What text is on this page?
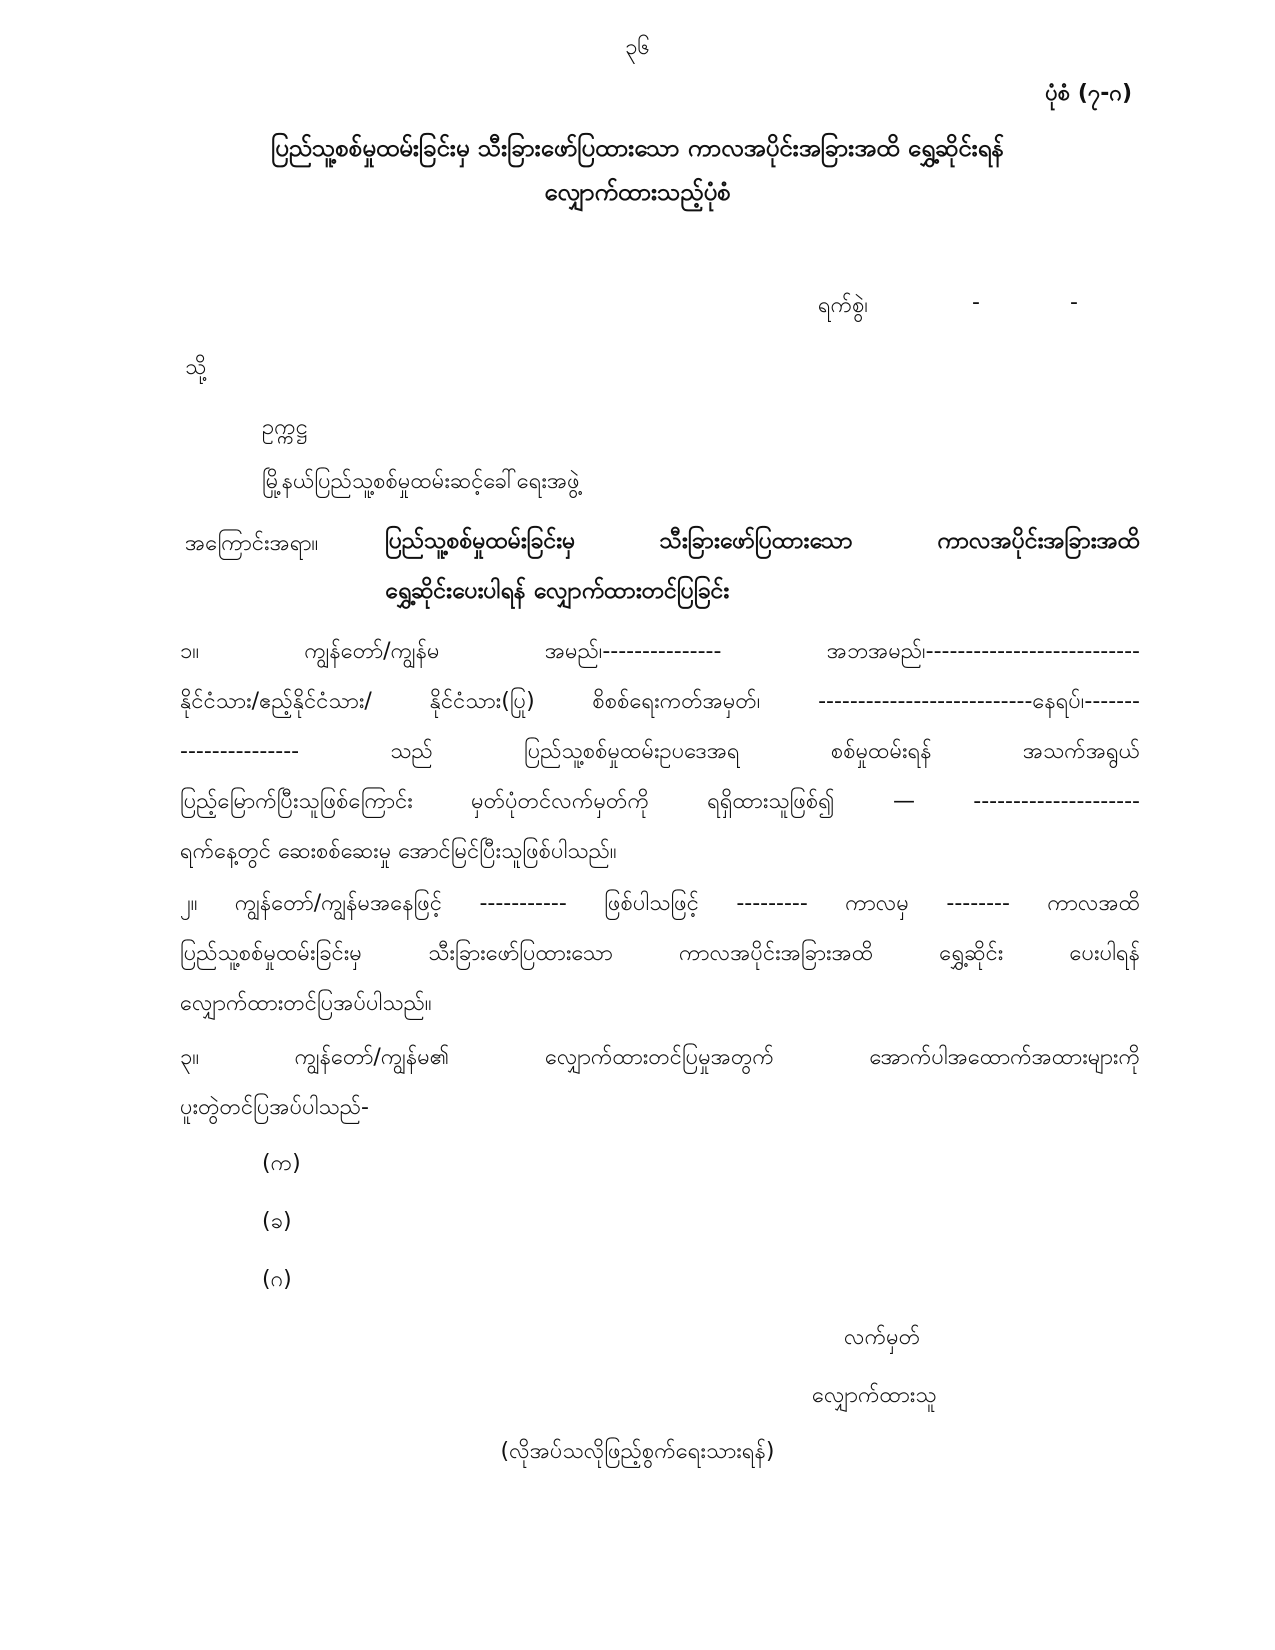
၃၆
ပုံစံ (၇-ဂ)
ပြည်သူ့စစ်မှုထမ်းခြင်းမှ သီးခြားဖော်ပြထားသော ကာလအပိုင်းအခြားအထိ ရွှေ့ဆိုင်းရန်
လျှောက်ထားသည့်ပုံစံ
ရက်စွဲ၊	-	-
သို့
ဥက္ကဋ္ဌ
မြို့နယ်ပြည်သူ့စစ်မှုထမ်းဆင့်ခေါ်ရေးအဖွဲ့
အကြောင်းအရာ။	ပြည်သူ့စစ်မှုထမ်းခြင်းမှ သီးခြားဖော်ပြထားသော ကာလအပိုင်းအခြားအထိ
ရွှေ့ဆိုင်းပေးပါရန် လျှောက်ထားတင်ပြခြင်း
၁။ ကျွန်တော်/ကျွန်မ အမည်၊--------------- အဘအမည်၊---------------------------
နိုင်ငံသား/ဧည့်နိုင်ငံသား/ နိုင်ငံသား(ပြု) စိစစ်ရေးကတ်အမှတ်၊ ---------------------------နေရပ်၊-------
--------------- သည် ပြည်သူ့စစ်မှုထမ်းဥပဒေအရ စစ်မှုထမ်းရန် အသက်အရွယ်
ပြည့်မြောက်ပြီးသူဖြစ်ကြောင်း မှတ်ပုံတင်လက်မှတ်ကို ရရှိထားသူဖြစ်၍ — ---------------------
ရက်နေ့တွင် ဆေးစစ်ဆေးမှု အောင်မြင်ပြီးသူဖြစ်ပါသည်။
၂။ ကျွန်တော်/ကျွန်မအနေဖြင့် ----------- ဖြစ်ပါသဖြင့် --------- ကာလမှ -------- ကာလအထိ
ပြည်သူ့စစ်မှုထမ်းခြင်းမှ သီးခြားဖော်ပြထားသော ကာလအပိုင်းအခြားအထိ ရွှေ့ဆိုင်း ပေးပါရန်
လျှောက်ထားတင်ပြအပ်ပါသည်။
၃။ ကျွန်တော်/ကျွန်မ၏ လျှောက်ထားတင်ပြမှုအတွက် အောက်ပါအထောက်အထားများကို
ပူးတွဲတင်ပြအပ်ပါသည်-
(က)
(ခ)
(ဂ)
လက်မှတ်
လျှောက်ထားသူ
(လိုအပ်သလိုဖြည့်စွက်ရေးသားရန်)
